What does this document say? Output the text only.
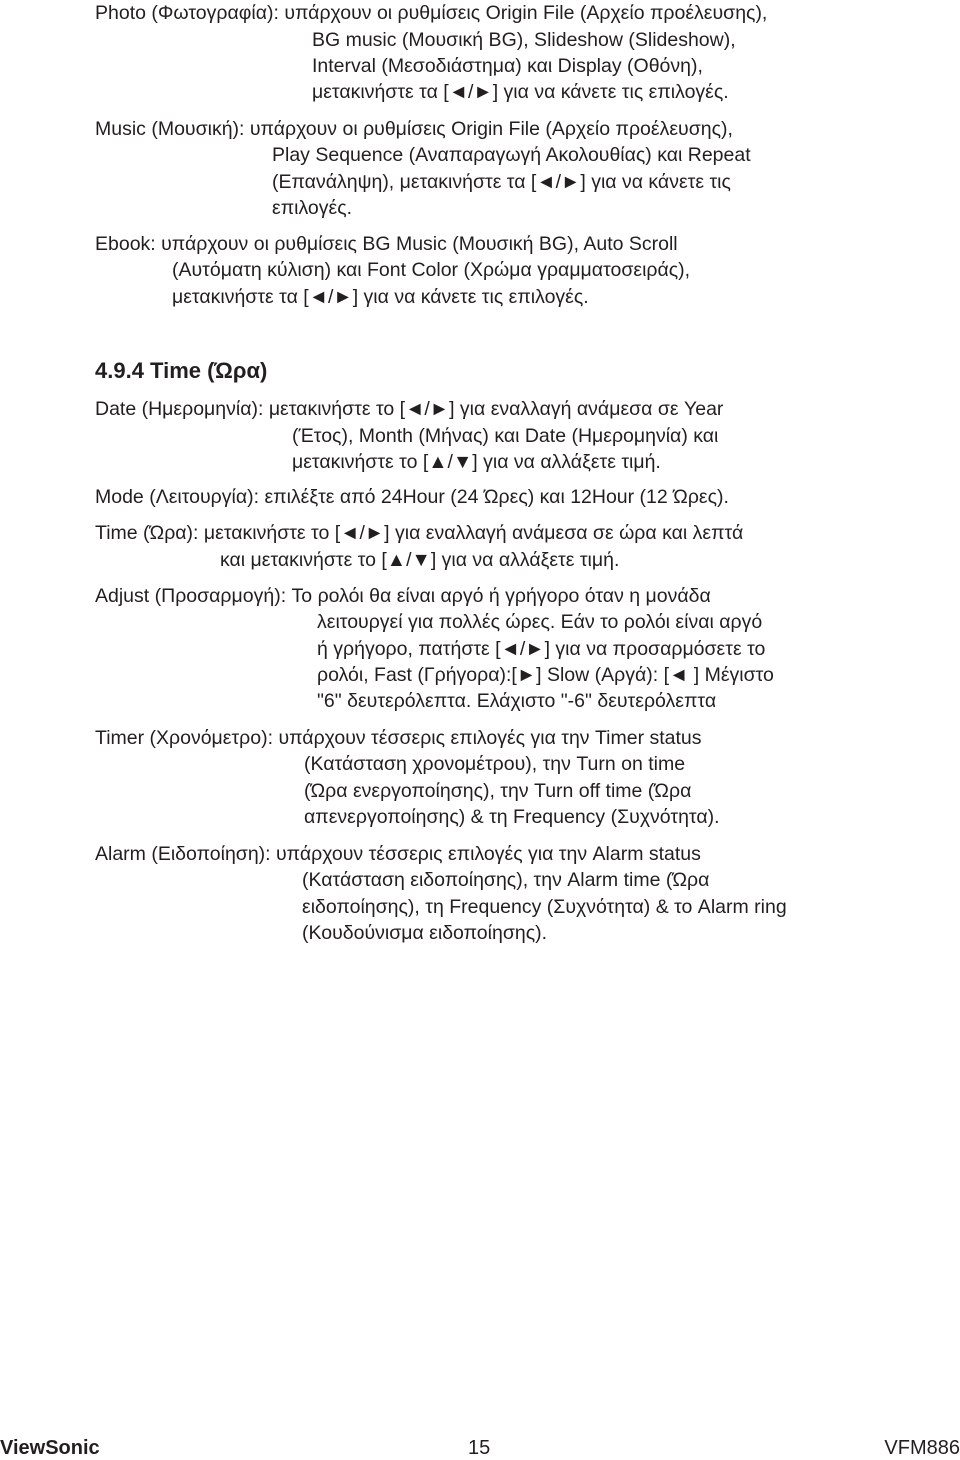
Photo (Φωτογραφία): υπάρχουν οι ρυθμίσεις Origin File (Αρχείο προέλευσης),
BG music (Μουσική BG), Slideshow (Slideshow),
Interval (Μεσοδιάστημα) και Display (Οθόνη),
μετακινήστε τα [◄/►] για να κάνετε τις επιλογές.
Music (Μουσική): υπάρχουν οι ρυθμίσεις Origin File (Αρχείο προέλευσης),
Play Sequence (Αναπαραγωγή Ακολουθίας) και Repeat
(Επανάληψη), μετακινήστε τα [◄/►] για να κάνετε τις
επιλογές.
Ebook: υπάρχουν οι ρυθμίσεις BG Music (Μουσική BG), Auto Scroll
(Αυτόματη κύλιση) και Font Color (Χρώμα γραμματοσειράς),
μετακινήστε τα [◄/►] για να κάνετε τις επιλογές.
4.9.4 Time (Ώρα)
Date (Ημερομηνία): μετακινήστε το [◄/►] για εναλλαγή ανάμεσα σε Year
(Έτος), Month (Μήνας) και Date (Ημερομηνία) και
μετακινήστε το [▲/▼] για να αλλάξετε τιμή.
Mode (Λειτουργία): επιλέξτε από 24Hour (24 Ώρες) και 12Hour (12 Ώρες).
Time (Ώρα): μετακινήστε το [◄/►] για εναλλαγή ανάμεσα σε ώρα και λεπτά
και μετακινήστε το [▲/▼] για να αλλάξετε τιμή.
Adjust (Προσαρμογή): Το ρολόι θα είναι αργό ή γρήγορο όταν η μονάδα
λειτουργεί για πολλές ώρες. Εάν το ρολόι είναι αργό
ή γρήγορο, πατήστε [◄/►] για να προσαρμόσετε το
ρολόι, Fast (Γρήγορα):[►] Slow (Αργά): [◄ ] Μέγιστο
"6" δευτερόλεπτα. Ελάχιστο "-6" δευτερόλεπτα
Timer (Χρονόμετρο): υπάρχουν τέσσερις επιλογές για την Timer status
(Κατάσταση χρονομέτρου), την Turn on time
(Ώρα ενεργοποίησης), την Turn off time (Ώρα
απενεργοποίησης) & τη Frequency (Συχνότητα).
Alarm (Ειδοποίηση): υπάρχουν τέσσερις επιλογές για την Alarm status
(Κατάσταση ειδοποίησης), την Alarm time (Ώρα
ειδοποίησης), τη Frequency (Συχνότητα) & το Alarm ring
(Κουδούνισμα ειδοποίησης).
ViewSonic	15	VFM886
